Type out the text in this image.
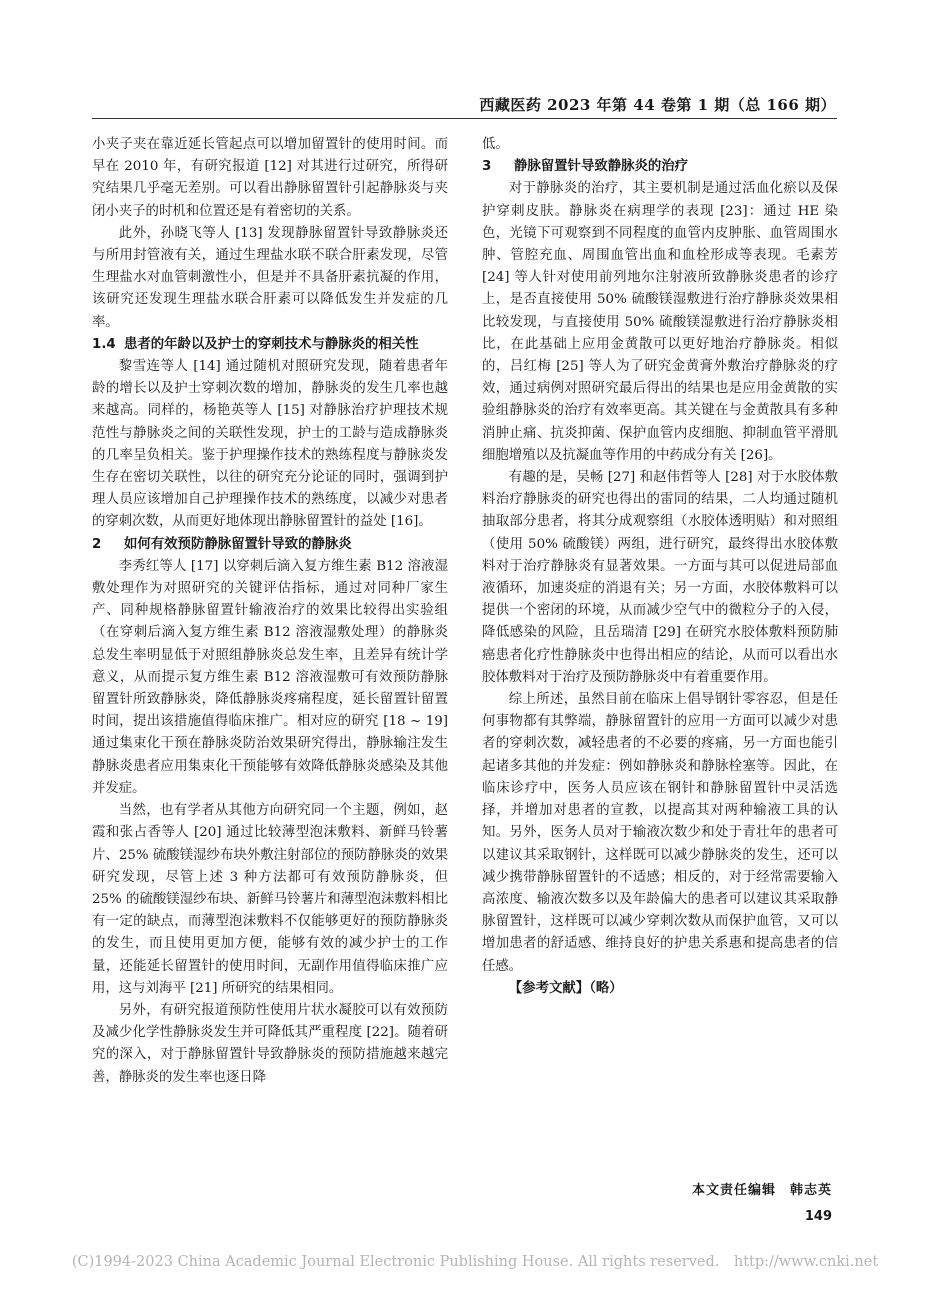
西藏医药 2023 年第 44 卷第 1 期（总 166 期）

小夹子夹在靠近延长管起点可以增加留置针的使用时间。而早在 2010 年，有研究报道 [12] 对其进行过研究，所得研究结果几乎毫无差别。可以看出静脉留置针引起静脉炎与夹闭小夹子的时机和位置还是有着密切的关系。

此外，孙晓飞等人 [13] 发现静脉留置针导致静脉炎还与所用封管液有关，通过生理盐水联不联合肝素发现，尽管生理盐水对血管刺激性小，但是并不具备肝素抗凝的作用，该研究还发现生理盐水联合肝素可以降低发生并发症的几率。

1.4 患者的年龄以及护士的穿刺技术与静脉炎的相关性

黎雪连等人 [14] 通过随机对照研究发现，随着患者年龄的增长以及护士穿刺次数的增加，静脉炎的发生几率也越来越高。同样的，杨艳英等人 [15] 对静脉治疗护理技术规范性与静脉炎之间的关联性发现，护士的工龄与造成静脉炎的几率呈负相关。鉴于护理操作技术的熟练程度与静脉炎发生存在密切关联性，以往的研究充分论证的同时，强调到护理人员应该增加自己护理操作技术的熟练度，以减少对患者的穿刺次数，从而更好地体现出静脉留置针的益处 [16]。

2 如何有效预防静脉留置针导致的静脉炎

李秀红等人 [17] 以穿刺后滴入复方维生素 B12 溶液湿敷处理作为对照研究的关键评估指标，通过对同种厂家生产、同种规格静脉留置针输液治疗的效果比较得出实验组（在穿刺后滴入复方维生素 B12 溶液湿敷处理）的静脉炎总发生率明显低于对照组静脉炎总发生率，且差异有统计学意义，从而提示复方维生素 B12 溶液湿敷可有效预防静脉留置针所致静脉炎，降低静脉炎疼痛程度，延长留置针留置时间，提出该措施值得临床推广。相对应的研究 [18 ~ 19] 通过集束化干预在静脉炎防治效果研究得出，静脉输注发生静脉炎患者应用集束化干预能够有效降低静脉炎感染及其他并发症。

当然，也有学者从其他方向研究同一个主题，例如，赵霞和张占香等人 [20] 通过比较薄型泡沫敷料、新鲜马铃薯片、25% 硫酸镁湿纱布块外敷注射部位的预防静脉炎的效果研究发现，尽管上述 3 种方法都可有效预防静脉炎，但 25% 的硫酸镁湿纱布块、新鲜马铃薯片和薄型泡沫敷料相比有一定的缺点，而薄型泡沫敷料不仅能够更好的预防静脉炎的发生，而且使用更加方便，能够有效的减少护士的工作量，还能延长留置针的使用时间，无副作用值得临床推广应用，这与刘海平 [21] 所研究的结果相同。

另外，有研究报道预防性使用片状水凝胶可以有效预防及减少化学性静脉炎发生并可降低其严重程度 [22]。随着研究的深入，对于静脉留置针导致静脉炎的预防措施越来越完善，静脉炎的发生率也逐日降

低。

3 静脉留置针导致静脉炎的治疗

对于静脉炎的治疗，其主要机制是通过活血化瘀以及保护穿刺皮肤。静脉炎在病理学的表现 [23]：通过 HE 染色，光镜下可观察到不同程度的血管内皮肿胀、血管周围水肿、管腔充血、周围血管出血和血栓形成等表现。毛素芳 [24] 等人针对使用前列地尔注射液所致静脉炎患者的诊疗上，是否直接使用 50% 硫酸镁湿敷进行治疗静脉炎效果相比较发现，与直接使用 50% 硫酸镁湿敷进行治疗静脉炎相比，在此基础上应用金黄散可以更好地治疗静脉炎。相似的，吕红梅 [25] 等人为了研究金黄膏外敷治疗静脉炎的疗效，通过病例对照研究最后得出的结果也是应用金黄散的实验组静脉炎的治疗有效率更高。其关键在与金黄散具有多种消肿止痛、抗炎抑菌、保护血管内皮细胞、抑制血管平滑肌细胞增殖以及抗凝血等作用的中药成分有关 [26]。

有趣的是，吴畅 [27] 和赵伟哲等人 [28] 对于水胶体敷料治疗静脉炎的研究也得出的雷同的结果，二人均通过随机抽取部分患者，将其分成观察组（水胶体透明贴）和对照组（使用 50% 硫酸镁）两组，进行研究，最终得出水胶体敷料对于治疗静脉炎有显著效果。一方面与其可以促进局部血液循环，加速炎症的消退有关；另一方面，水胶体敷料可以提供一个密闭的环境，从而减少空气中的微粒分子的入侵，降低感染的风险，且岳瑞清 [29] 在研究水胶体敷料预防肺癌患者化疗性静脉炎中也得出相应的结论，从而可以看出水胶体敷料对于治疗及预防静脉炎中有着重要作用。

综上所述，虽然目前在临床上倡导钢针零容忍，但是任何事物都有其弊端，静脉留置针的应用一方面可以减少对患者的穿刺次数，减轻患者的不必要的疼痛，另一方面也能引起诸多其他的并发症：例如静脉炎和静脉栓塞等。因此，在临床诊疗中，医务人员应该在钢针和静脉留置针中灵活选择，并增加对患者的宣教，以提高其对两种输液工具的认知。另外，医务人员对于输液次数少和处于青壮年的患者可以建议其采取钢针，这样既可以减少静脉炎的发生，还可以减少携带静脉留置针的不适感；相反的，对于经常需要输入高浓度、输液次数多以及年龄偏大的患者可以建议其采取静脉留置针，这样既可以减少穿刺次数从而保护血管，又可以增加患者的舒适感、维持良好的护患关系惠和提高患者的信任感。

【参考文献】（略）

本文责任编辑　韩志英
149
(C)1994-2023 China Academic Journal Electronic Publishing House. All rights reserved.　http://www.cnki.net
